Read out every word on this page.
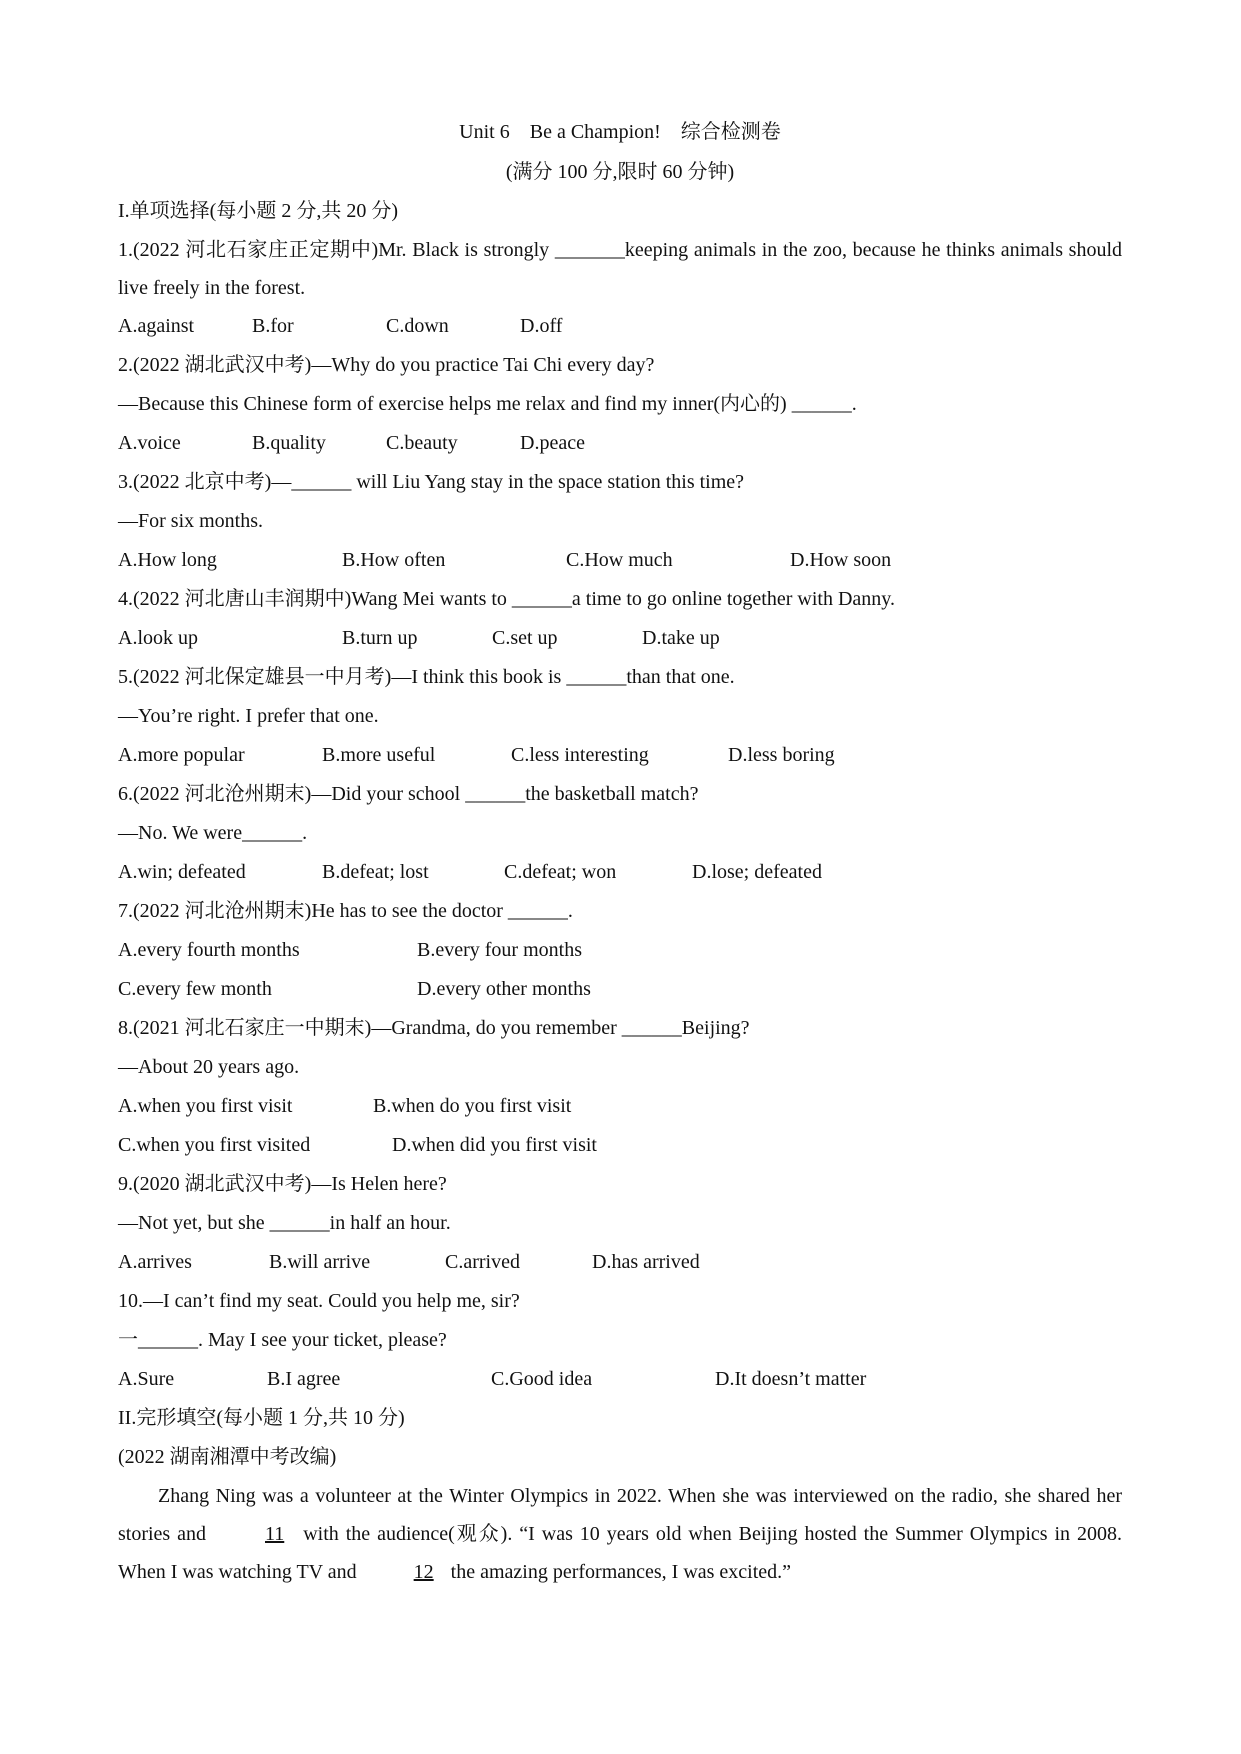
Unit 6　Be a Champion!　综合检测卷
(满分 100 分,限时 60 分钟)
I.单项选择(每小题 2 分,共 20 分)
1.(2022 河北石家庄正定期中)Mr. Black is strongly _______keeping animals in the zoo, because he thinks animals should live freely in the forest.
A.against	B.for	C.down	D.off
2.(2022 湖北武汉中考)—Why do you practice Tai Chi every day?
—Because this Chinese form of exercise helps me relax and find my inner(内心的) ______.
A.voice	B.quality	C.beauty	D.peace
3.(2022 北京中考)—______ will Liu Yang stay in the space station this time?
—For six months.
A.How long	B.How often	C.How much	D.How soon
4.(2022 河北唐山丰润期中)Wang Mei wants to ______a time to go online together with Danny.
A.look up	B.turn up	C.set up	D.take up
5.(2022 河北保定雄县一中月考)—I think this book is ______than that one.
—You’re right. I prefer that one.
A.more popular	B.more useful	C.less interesting	D.less boring
6.(2022 河北沧州期末)—Did your school ______the basketball match?
—No. We were______.
A.win; defeated	B.defeat; lost	C.defeat; won	D.lose; defeated
7.(2022 河北沧州期末)He has to see the doctor ______.
A.every fourth months	B.every four months
C.every few month	D.every other months
8.(2021 河北石家庄一中期末)—Grandma, do you remember ______Beijing?
—About 20 years ago.
A.when you first visit	B.when do you first visit
C.when you first visited	D.when did you first visit
9.(2020 湖北武汉中考)—Is Helen here?
—Not yet, but she ______in half an hour.
A.arrives	B.will arrive	C.arrived	D.has arrived
10.—I can’t find my seat. Could you help me, sir?
一______. May I see your ticket, please?
A.Sure	B.I agree	C.Good idea	D.It doesn’t matter
II.完形填空(每小题 1 分,共 10 分)
(2022 湖南湘潭中考改编)
Zhang Ning was a volunteer at the Winter Olympics in 2022. When she was interviewed on the radio, she shared her stories and	11 with the audience(观众). “I was 10 years old when Beijing hosted the Summer Olympics in 2008. When I was watching TV and	12 the amazing performances, I was excited.”
